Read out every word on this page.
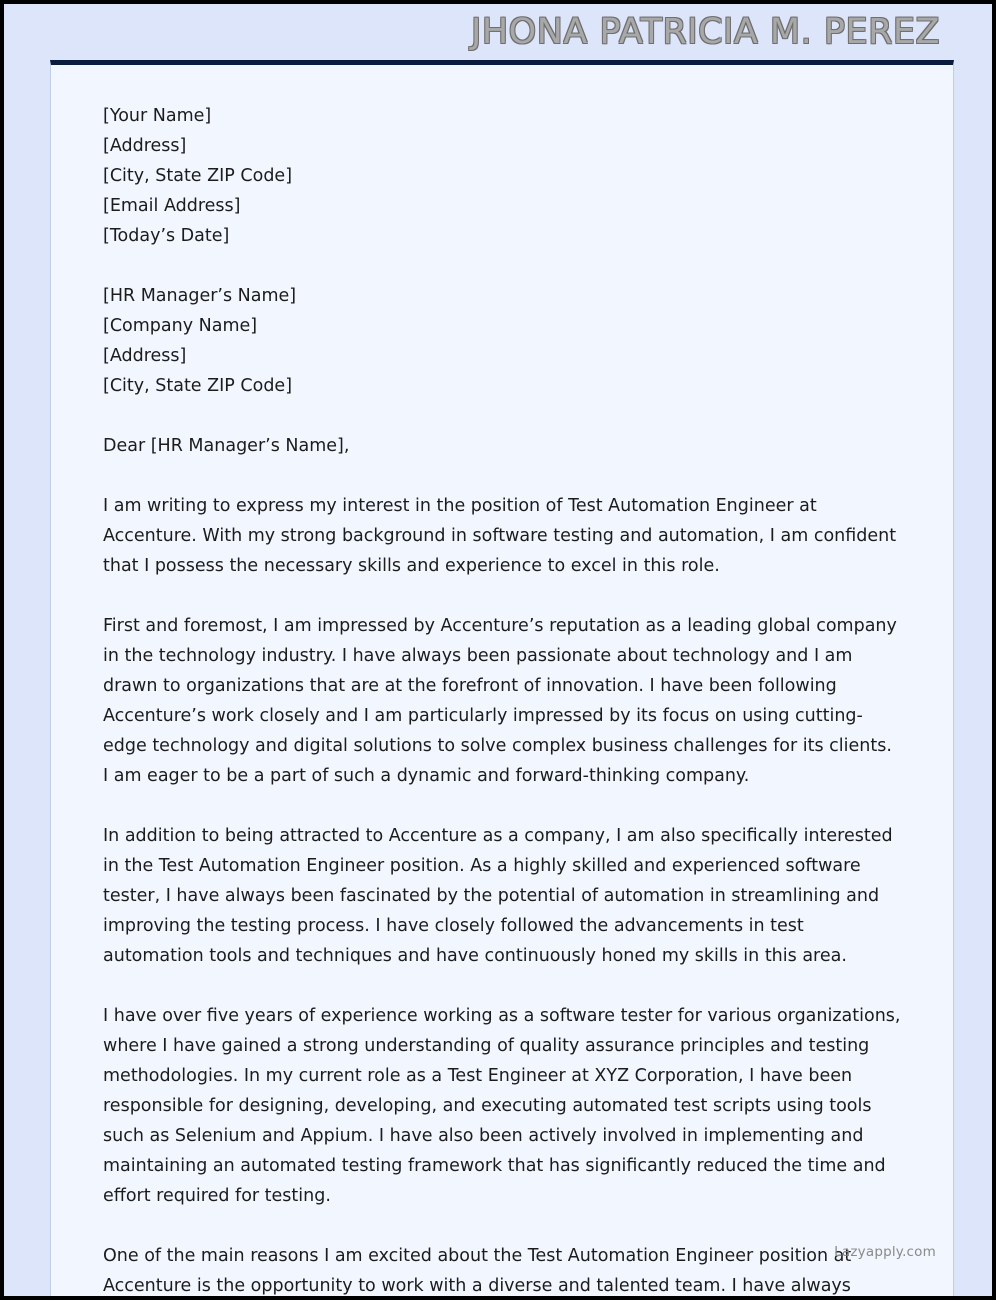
JHONA PATRICIA M. PEREZ
[Your Name]
[Address]
[City, State ZIP Code]
[Email Address]
[Today’s Date]
[HR Manager’s Name]
[Company Name]
[Address]
[City, State ZIP Code]
Dear [HR Manager’s Name],

I am writing to express my interest in the position of Test Automation Engineer at Accenture. With my strong background in software testing and automation, I am confident that I possess the necessary skills and experience to excel in this role.

First and foremost, I am impressed by Accenture’s reputation as a leading global company in the technology industry. I have always been passionate about technology and I am drawn to organizations that are at the forefront of innovation. I have been following Accenture’s work closely and I am particularly impressed by its focus on using cutting-edge technology and digital solutions to solve complex business challenges for its clients. I am eager to be a part of such a dynamic and forward-thinking company.

In addition to being attracted to Accenture as a company, I am also specifically interested in the Test Automation Engineer position. As a highly skilled and experienced software tester, I have always been fascinated by the potential of automation in streamlining and improving the testing process. I have closely followed the advancements in test automation tools and techniques and have continuously honed my skills in this area.

I have over five years of experience working as a software tester for various organizations, where I have gained a strong understanding of quality assurance principles and testing methodologies. In my current role as a Test Engineer at XYZ Corporation, I have been responsible for designing, developing, and executing automated test scripts using tools such as Selenium and Appium. I have also been actively involved in implementing and maintaining an automated testing framework that has significantly reduced the time and effort required for testing.

One of the main reasons I am excited about the Test Automation Engineer position at Accenture is the opportunity to work with a diverse and talented team. I have always

Lazyapply.com
